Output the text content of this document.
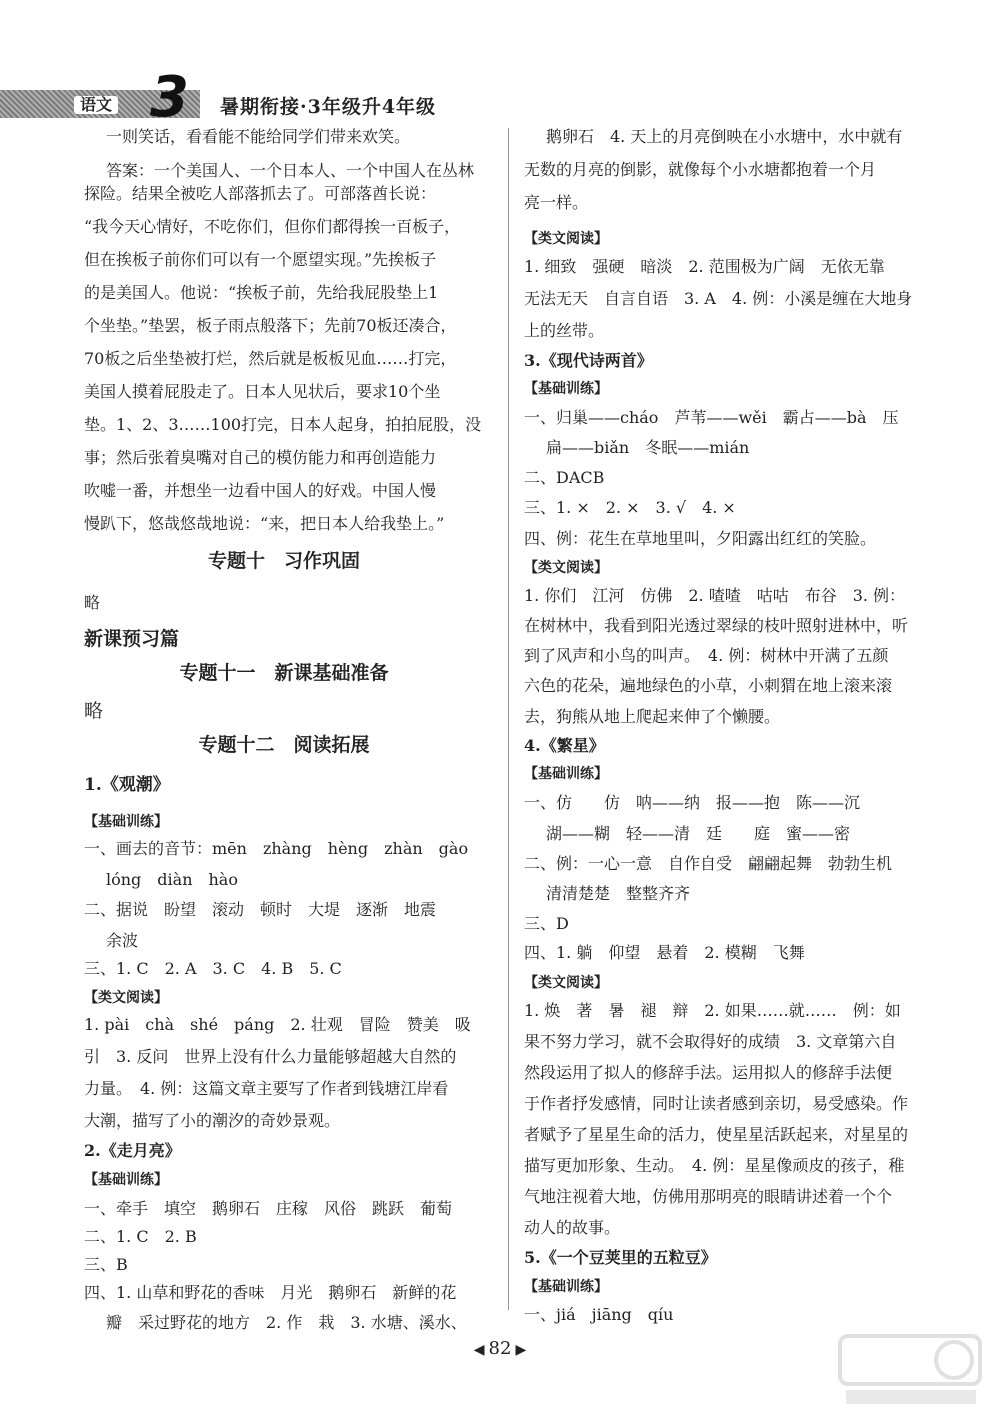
语文 3 暑期衔接·3年级升4年级
一则笑话，看看能不能给同学们带来欢笑。
答案：一个美国人、一个日本人、一个中国人在丛林
探险。结果全被吃人部落抓去了。可部落酋长说：
“我今天心情好，不吃你们，但你们都得挨一百板子，
但在挨板子前你们可以有一个愿望实现。”先挨板子
的是美国人。他说：“挨板子前，先给我屁股垫上1
个坐垫。”垫罢，板子雨点般落下；先前70板还凑合，
70板之后坐垫被打烂，然后就是板板见血……打完，
美国人摸着屁股走了。日本人见状后，要求10个坐
垫。1、2、3……100打完，日本人起身，拍拍屁股，没
事；然后张着臭嘴对自己的模仿能力和再创造能力
吹嘘一番，并想坐一边看中国人的好戏。中国人慢
慢趴下，悠哉悠哉地说：“来，把日本人给我垫上。”
专题十　习作巩固
略
新课预习篇
专题十一　新课基础准备
略
专题十二　阅读拓展
1.《观潮》
【基础训练】
一、画去的音节：mēn　zhàng　hèng　zhàn　gào
lóng　diàn　hào
二、据说　盼望　滚动　顿时　大堤　逐渐　地震
余波
三、1. C　2. A　3. C　4. B　5. C
【类文阅读】
1. pài　chà　shé　páng　2. 壮观　冒险　赞美　吸
引　3. 反问　世界上没有什么力量能够超越大自然的
力量。　4. 例：这篇文章主要写了作者到钱塘江岸看
大潮，描写了小的潮汐的奇妙景观。
2.《走月亮》
【基础训练】
一、牵手　填空　鹅卵石　庄稼　风俗　跳跃　葡萄
二、1. C　2. B
三、B
四、1. 山草和野花的香味　月光　鹅卵石　新鲜的花
瓣　采过野花的地方　2. 作　栽　3. 水塘、溪水、
鹅卵石　4. 天上的月亮倒映在小水塘中，水中就有
无数的月亮的倒影，就像每个小水塘都抱着一个月
亮一样。
【类文阅读】
1. 细致　强硬　暗淡　2. 范围极为广阔　无依无靠
无法无天　自言自语　3. A　4. 例：小溪是缠在大地身
上的丝带。
3.《现代诗两首》
【基础训练】
一、归巢——cháo　芦苇——wěi　霸占——bà　压
扁——biǎn　冬眠——mián
二、DACB
三、1. ×　2. ×　3. √　4. ×
四、例：花生在草地里叫，夕阳露出红红的笑脸。
【类文阅读】
1. 你们　江河　仿佛　2. 喳喳　咕咕　布谷　3. 例：
在树林中，我看到阳光透过翠绿的枝叶照射进林中，听
到了风声和小鸟的叫声。　4. 例：树林中开满了五颜
六色的花朵，遍地绿色的小草，小刺猬在地上滚来滚
去，狗熊从地上爬起来伸了个懒腰。
4.《繁星》
【基础训练】
一、仿　　仿　呐——纳　报——抱　陈——沉
湖——糊　轻——清　廷　　庭　蜜——密
二、例：一心一意　自作自受　翩翩起舞　勃勃生机
清清楚楚　整整齐齐
三、D
四、1. 躺　仰望　悬着　2. 模糊　飞舞
【类文阅读】
1. 焕　著　暑　褪　辩　2. 如果……就……　例：如
果不努力学习，就不会取得好的成绩　3. 文章第六自
然段运用了拟人的修辞手法。运用拟人的修辞手法便
于作者抒发感情，同时让读者感到亲切，易受感染。作
者赋予了星星生命的活力，使星星活跃起来，对星星的
描写更加形象、生动。　4. 例：星星像顽皮的孩子，稚
气地注视着大地，仿佛用那明亮的眼睛讲述着一个个
动人的故事。
5.《一个豆荚里的五粒豆》
【基础训练】
一、jiá　jiāng　qíu
◀ 82 ▶
